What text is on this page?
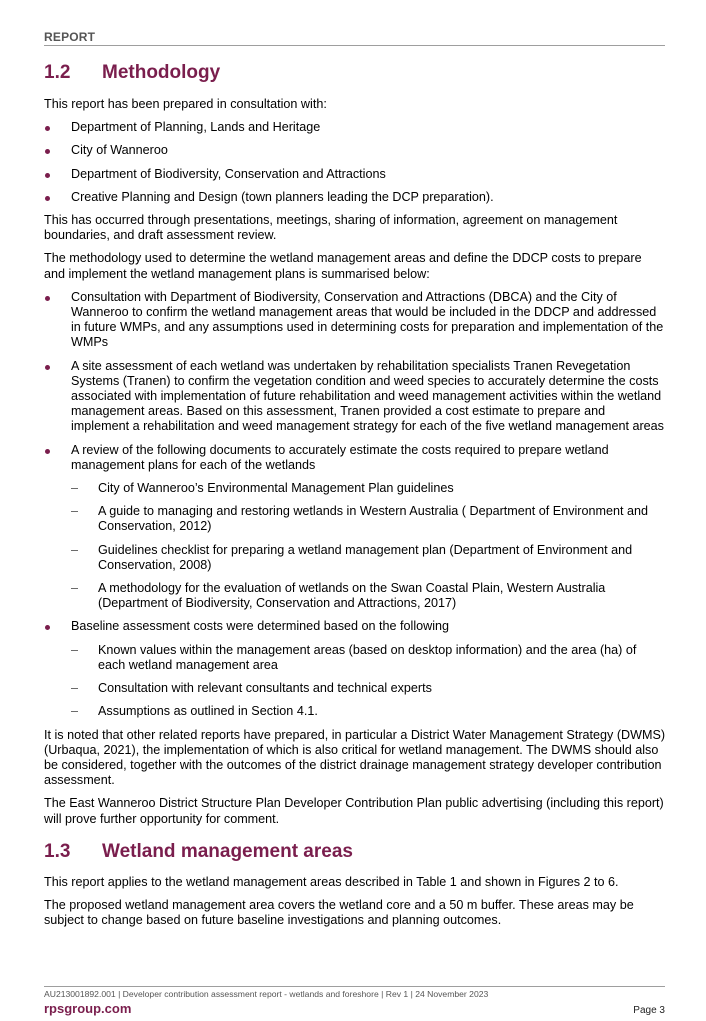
REPORT
1.2	Methodology

This report has been prepared in consultation with:

Department of Planning, Lands and Heritage
City of Wanneroo
Department of Biodiversity, Conservation and Attractions
Creative Planning and Design (town planners leading the DCP preparation).

This has occurred through presentations, meetings, sharing of information, agreement on management boundaries, and draft assessment review.

The methodology used to determine the wetland management areas and define the DDCP costs to prepare and implement the wetland management plans is summarised below:

Consultation with Department of Biodiversity, Conservation and Attractions (DBCA) and the City of Wanneroo to confirm the wetland management areas that would be included in the DDCP and addressed in future WMPs, and any assumptions used in determining costs for preparation and implementation of the WMPs
A site assessment of each wetland was undertaken by rehabilitation specialists Tranen Revegetation Systems (Tranen) to confirm the vegetation condition and weed species to accurately determine the costs associated with implementation of future rehabilitation and weed management activities within the wetland management areas. Based on this assessment, Tranen provided a cost estimate to prepare and implement a rehabilitation and weed management strategy for each of the five wetland management areas
A review of the following documents to accurately estimate the costs required to prepare wetland management plans for each of the wetlands
– City of Wanneroo’s Environmental Management Plan guidelines
– A guide to managing and restoring wetlands in Western Australia ( Department of Environment and Conservation, 2012)
– Guidelines checklist for preparing a wetland management plan (Department of Environment and Conservation, 2008)
– A methodology for the evaluation of wetlands on the Swan Coastal Plain, Western Australia (Department of Biodiversity, Conservation and Attractions, 2017)
Baseline assessment costs were determined based on the following
– Known values within the management areas (based on desktop information) and the area (ha) of each wetland management area
– Consultation with relevant consultants and technical experts
– Assumptions as outlined in Section 4.1.

It is noted that other related reports have prepared, in particular a District Water Management Strategy (DWMS) (Urbaqua, 2021), the implementation of which is also critical for wetland management. The DWMS should also be considered, together with the outcomes of the district drainage management strategy developer contribution assessment.

The East Wanneroo District Structure Plan Developer Contribution Plan public advertising (including this report) will prove further opportunity for comment.

1.3	Wetland management areas

This report applies to the wetland management areas described in Table 1 and shown in Figures 2 to 6.

The proposed wetland management area covers the wetland core and a 50 m buffer. These areas may be subject to change based on future baseline investigations and planning outcomes.

AU213001892.001 | Developer contribution assessment report - wetlands and foreshore | Rev 1 | 24 November 2023
rpsgroup.com	Page 3
